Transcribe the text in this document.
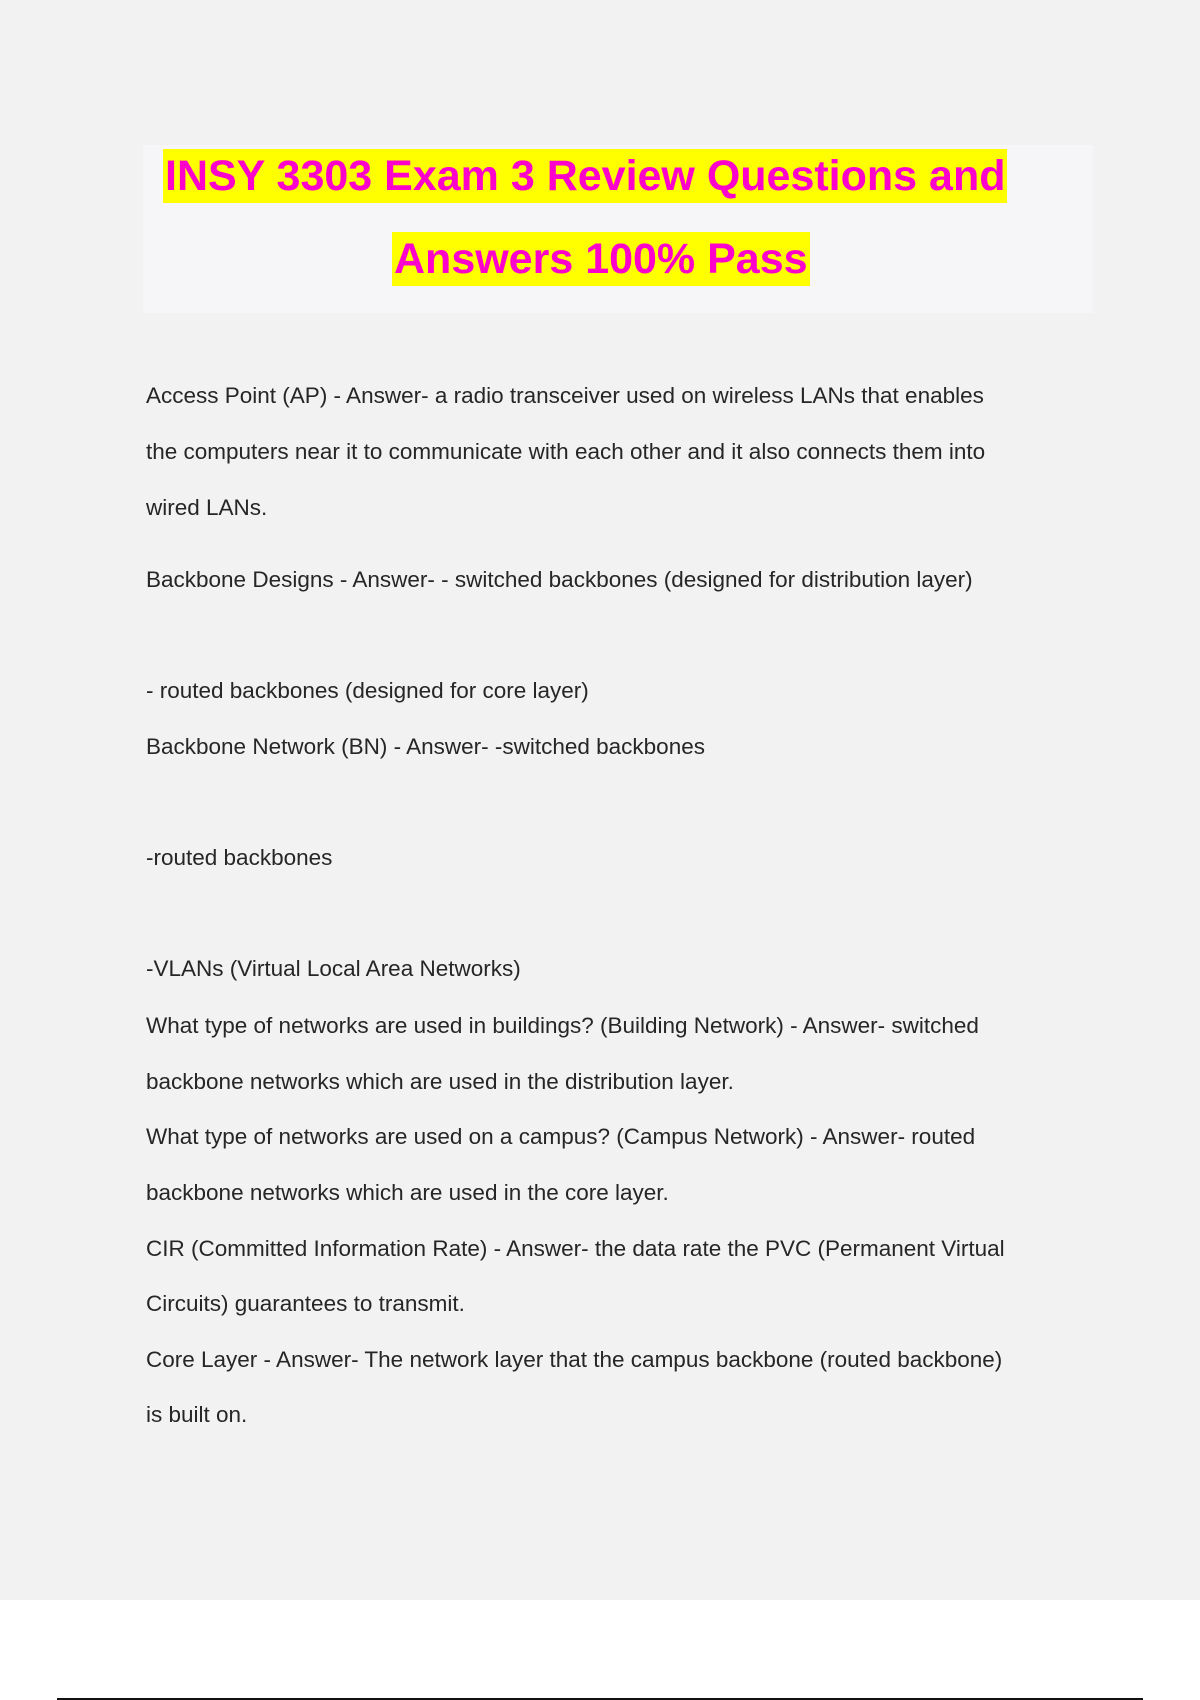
INSY 3303 Exam 3 Review Questions and
Answers 100% Pass

Access Point (AP) - Answer- a radio transceiver used on wireless LANs that enables

the computers near it to communicate with each other and it also connects them into

wired LANs.

Backbone Designs - Answer- - switched backbones (designed for distribution layer)

- routed backbones (designed for core layer)

Backbone Network (BN) - Answer- -switched backbones

-routed backbones

-VLANs (Virtual Local Area Networks)

What type of networks are used in buildings? (Building Network) - Answer- switched

backbone networks which are used in the distribution layer.

What type of networks are used on a campus? (Campus Network) - Answer- routed

backbone networks which are used in the core layer.

CIR (Committed Information Rate) - Answer- the data rate the PVC (Permanent Virtual

Circuits) guarantees to transmit.

Core Layer - Answer- The network layer that the campus backbone (routed backbone)

is built on.
